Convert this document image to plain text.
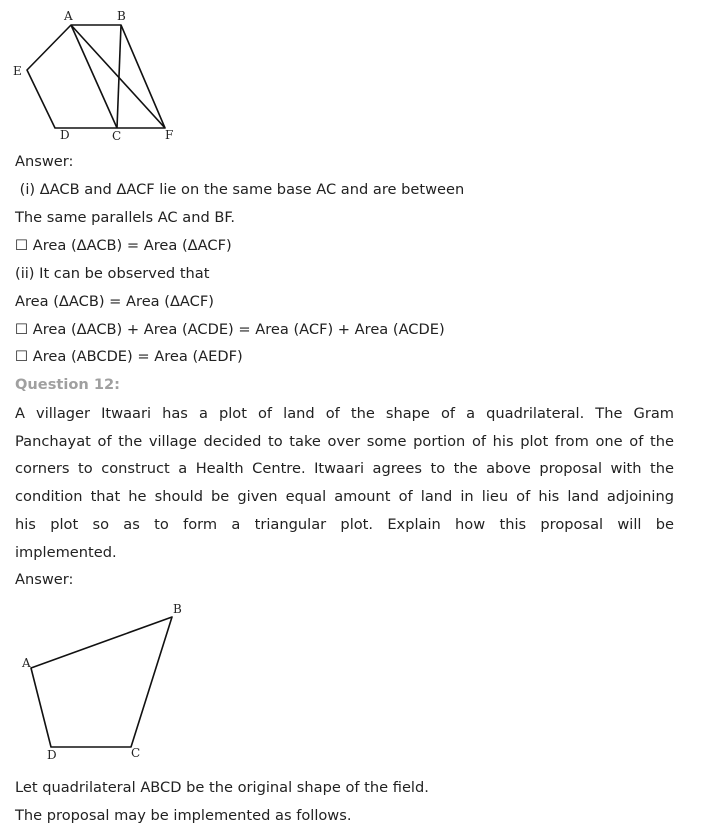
A	B
E
D	C	F
Answer:
(i) ΔACB and ΔACF lie on the same base AC and are between
The same parallels AC and BF.
☐ Area (ΔACB) = Area (ΔACF)
(ii) It can be observed that
Area (ΔACB) = Area (ΔACF)
☐ Area (ΔACB) + Area (ACDE) = Area (ACF) + Area (ACDE)
☐ Area (ABCDE) = Area (AEDF)
Question 12:
A villager Itwaari has a plot of land of the shape of a quadrilateral. The Gram
Panchayat of the village decided to take over some portion of his plot from one of the
corners to construct a Health Centre. Itwaari agrees to the above proposal with the
condition that he should be given equal amount of land in lieu of his land adjoining
his plot so as to form a triangular plot. Explain how this proposal will be
implemented.
Answer:
A
B
D	C
Let quadrilateral ABCD be the original shape of the field.
The proposal may be implemented as follows.
